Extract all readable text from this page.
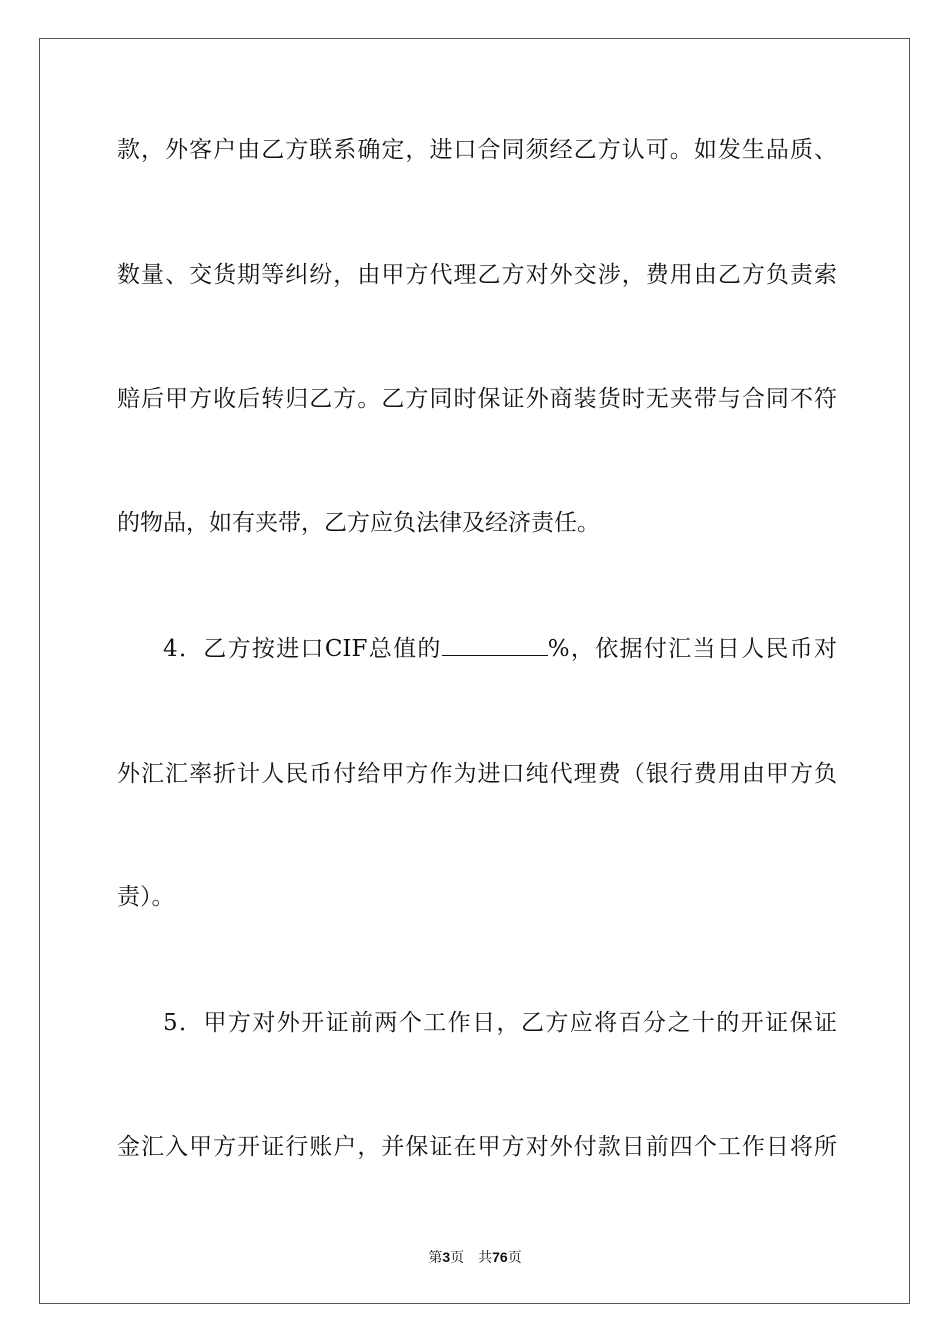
款，外客户由乙方联系确定，进口合同须经乙方认可。如发生品质、
数量、交货期等纠纷，由甲方代理乙方对外交涉，费用由乙方负责索
赔后甲方收后转归乙方。乙方同时保证外商装货时无夹带与合同不符
的物品，如有夹带，乙方应负法律及经济责任。
4．乙方按进口CIF总值的	%，依据付汇当日人民币对
外汇汇率折计人民币付给甲方作为进口纯代理费（银行费用由甲方负
责）。
5．甲方对外开证前两个工作日，乙方应将百分之十的开证保证
金汇入甲方开证行账户，并保证在甲方对外付款日前四个工作日将所
第3页 共76页
